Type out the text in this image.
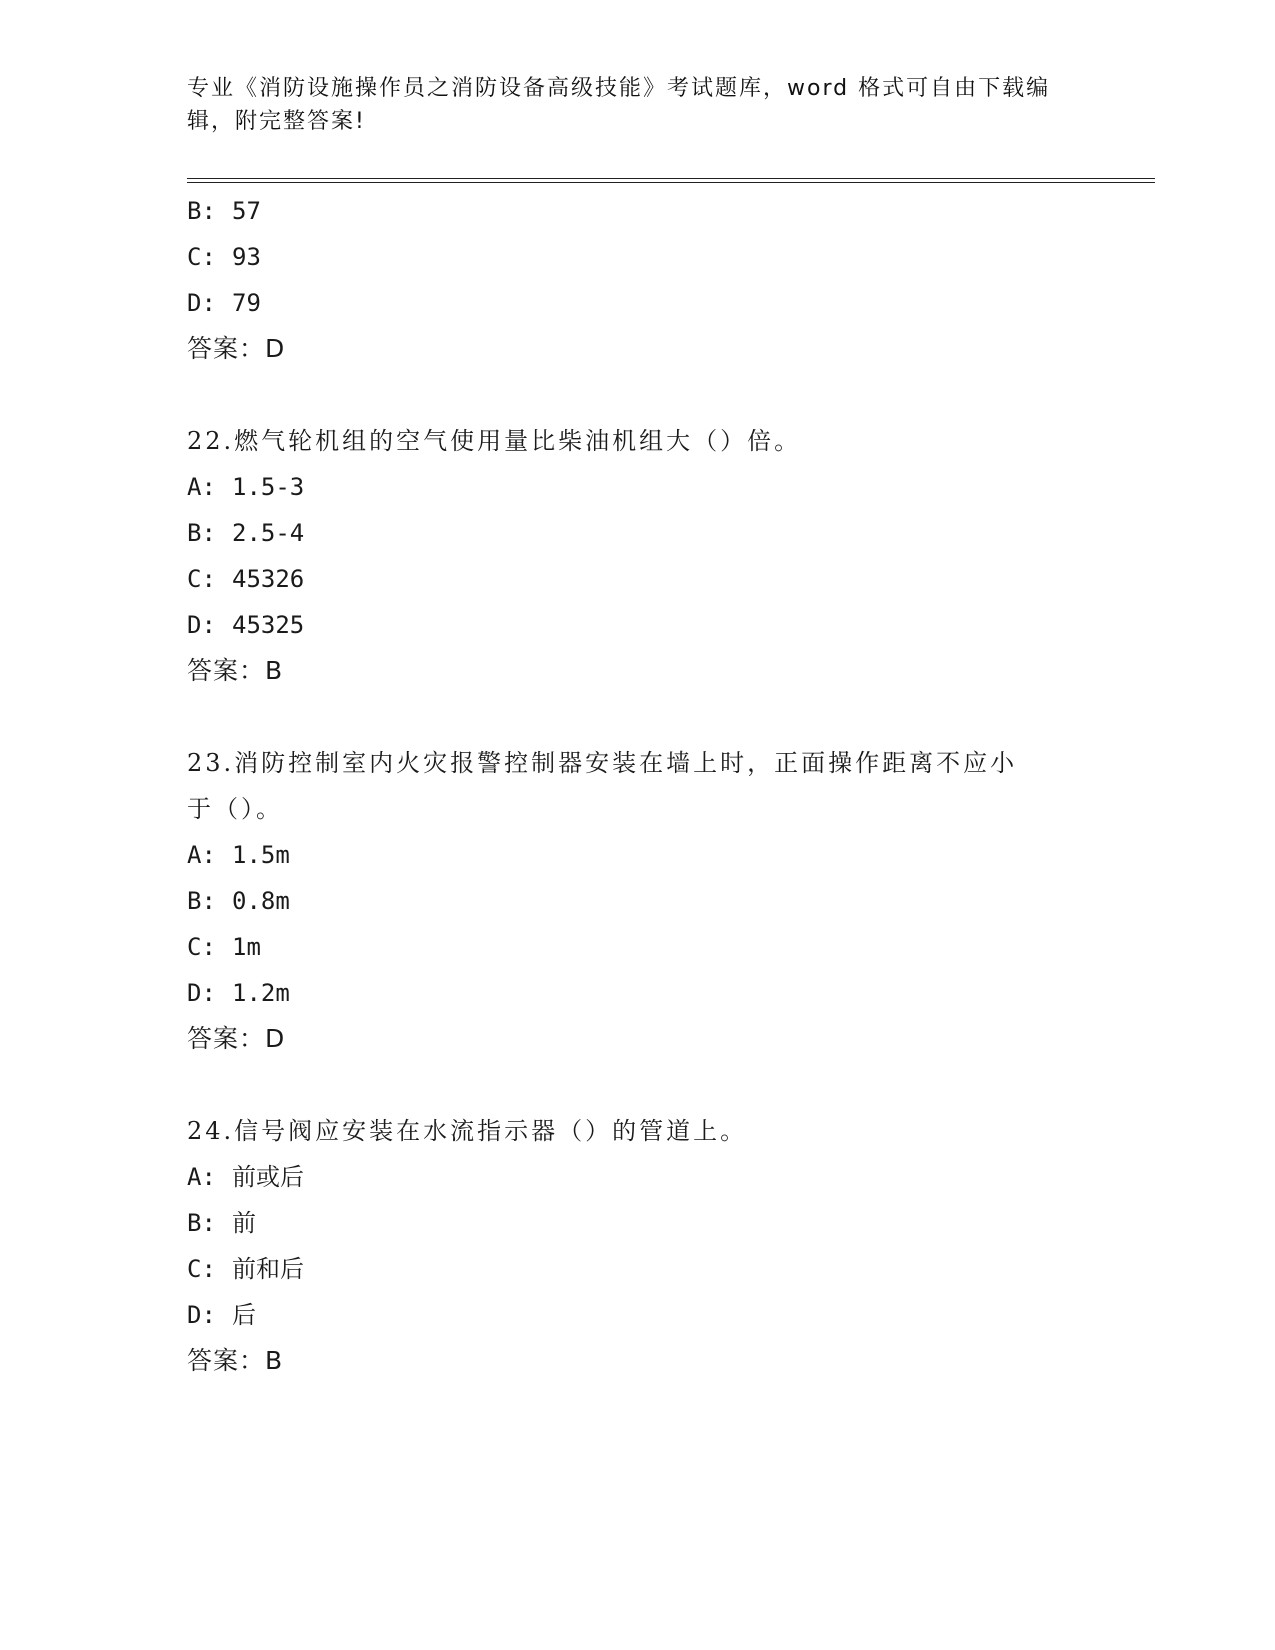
专业《消防设施操作员之消防设备高级技能》考试题库，word 格式可自由下载编
辑，附完整答案!
B: 57
C: 93
D: 79
答案：D
22.燃气轮机组的空气使用量比柴油机组大（）倍。
A: 1.5-3
B: 2.5-4
C: 45326
D: 45325
答案：B
23.消防控制室内火灾报警控制器安装在墙上时，正面操作距离不应小
于（）。
A: 1.5m
B: 0.8m
C: 1m
D: 1.2m
答案：D
24.信号阀应安装在水流指示器（）的管道上。
A: 前或后
B: 前
C: 前和后
D: 后
答案：B
